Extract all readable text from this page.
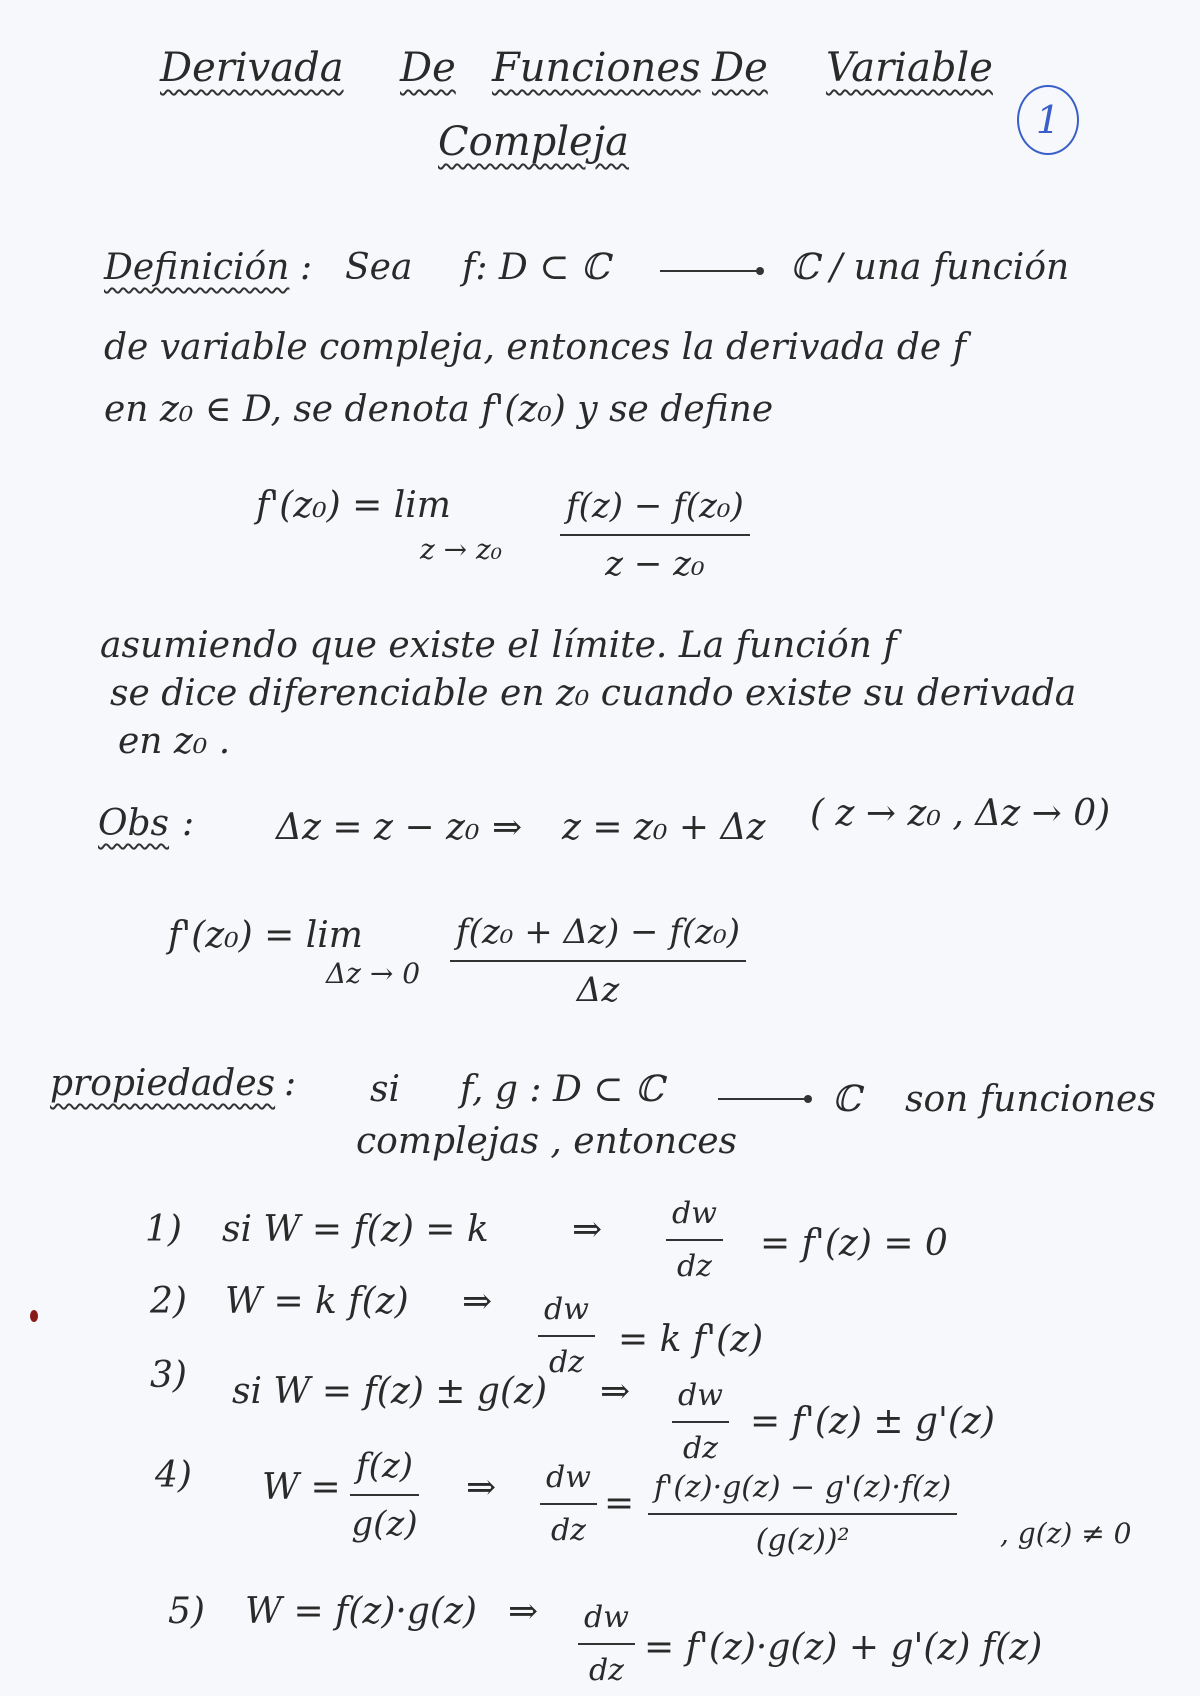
Derivada De Funciones De Variable
Compleja	1
Definición : Sea f: D ⊂ ℂ	ℂ / una función
de variable compleja, entonces la derivada de f
en z₀ ∈ D, se denota f'(z₀) y se define
f'(z₀) = lim
z → z₀
f(z) − f(z₀)
z − z₀
asumiendo que existe el límite. La función f
se dice diferenciable en z₀ cuando existe su derivada
en z₀ .
Obs : Δz = z − z₀ ⇒ z = z₀ + Δz ( z → z₀ , Δz → 0)
f'(z₀) = lim
Δz → 0
f(z₀ + Δz) − f(z₀)
Δz
propiedades : si f, g : D ⊂ ℂ	ℂ son funciones
complejas , entonces
1) si W = f(z) = k ⇒ dw
dz
= f'(z) = 0
2) W = k f(z) ⇒ dw
dz
= k f'(z)
3) si W = f(z) ± g(z) ⇒ dw
dz
= f'(z) ± g'(z)
4) W =
f(z)
g(z)
⇒ dw
dz
= f'(z)·g(z) − g'(z)·f(z)
(g(z))²	, g(z) ≠ 0
5) W = f(z)·g(z) ⇒ dw
dz
= f'(z)·g(z) + g'(z) f(z)
